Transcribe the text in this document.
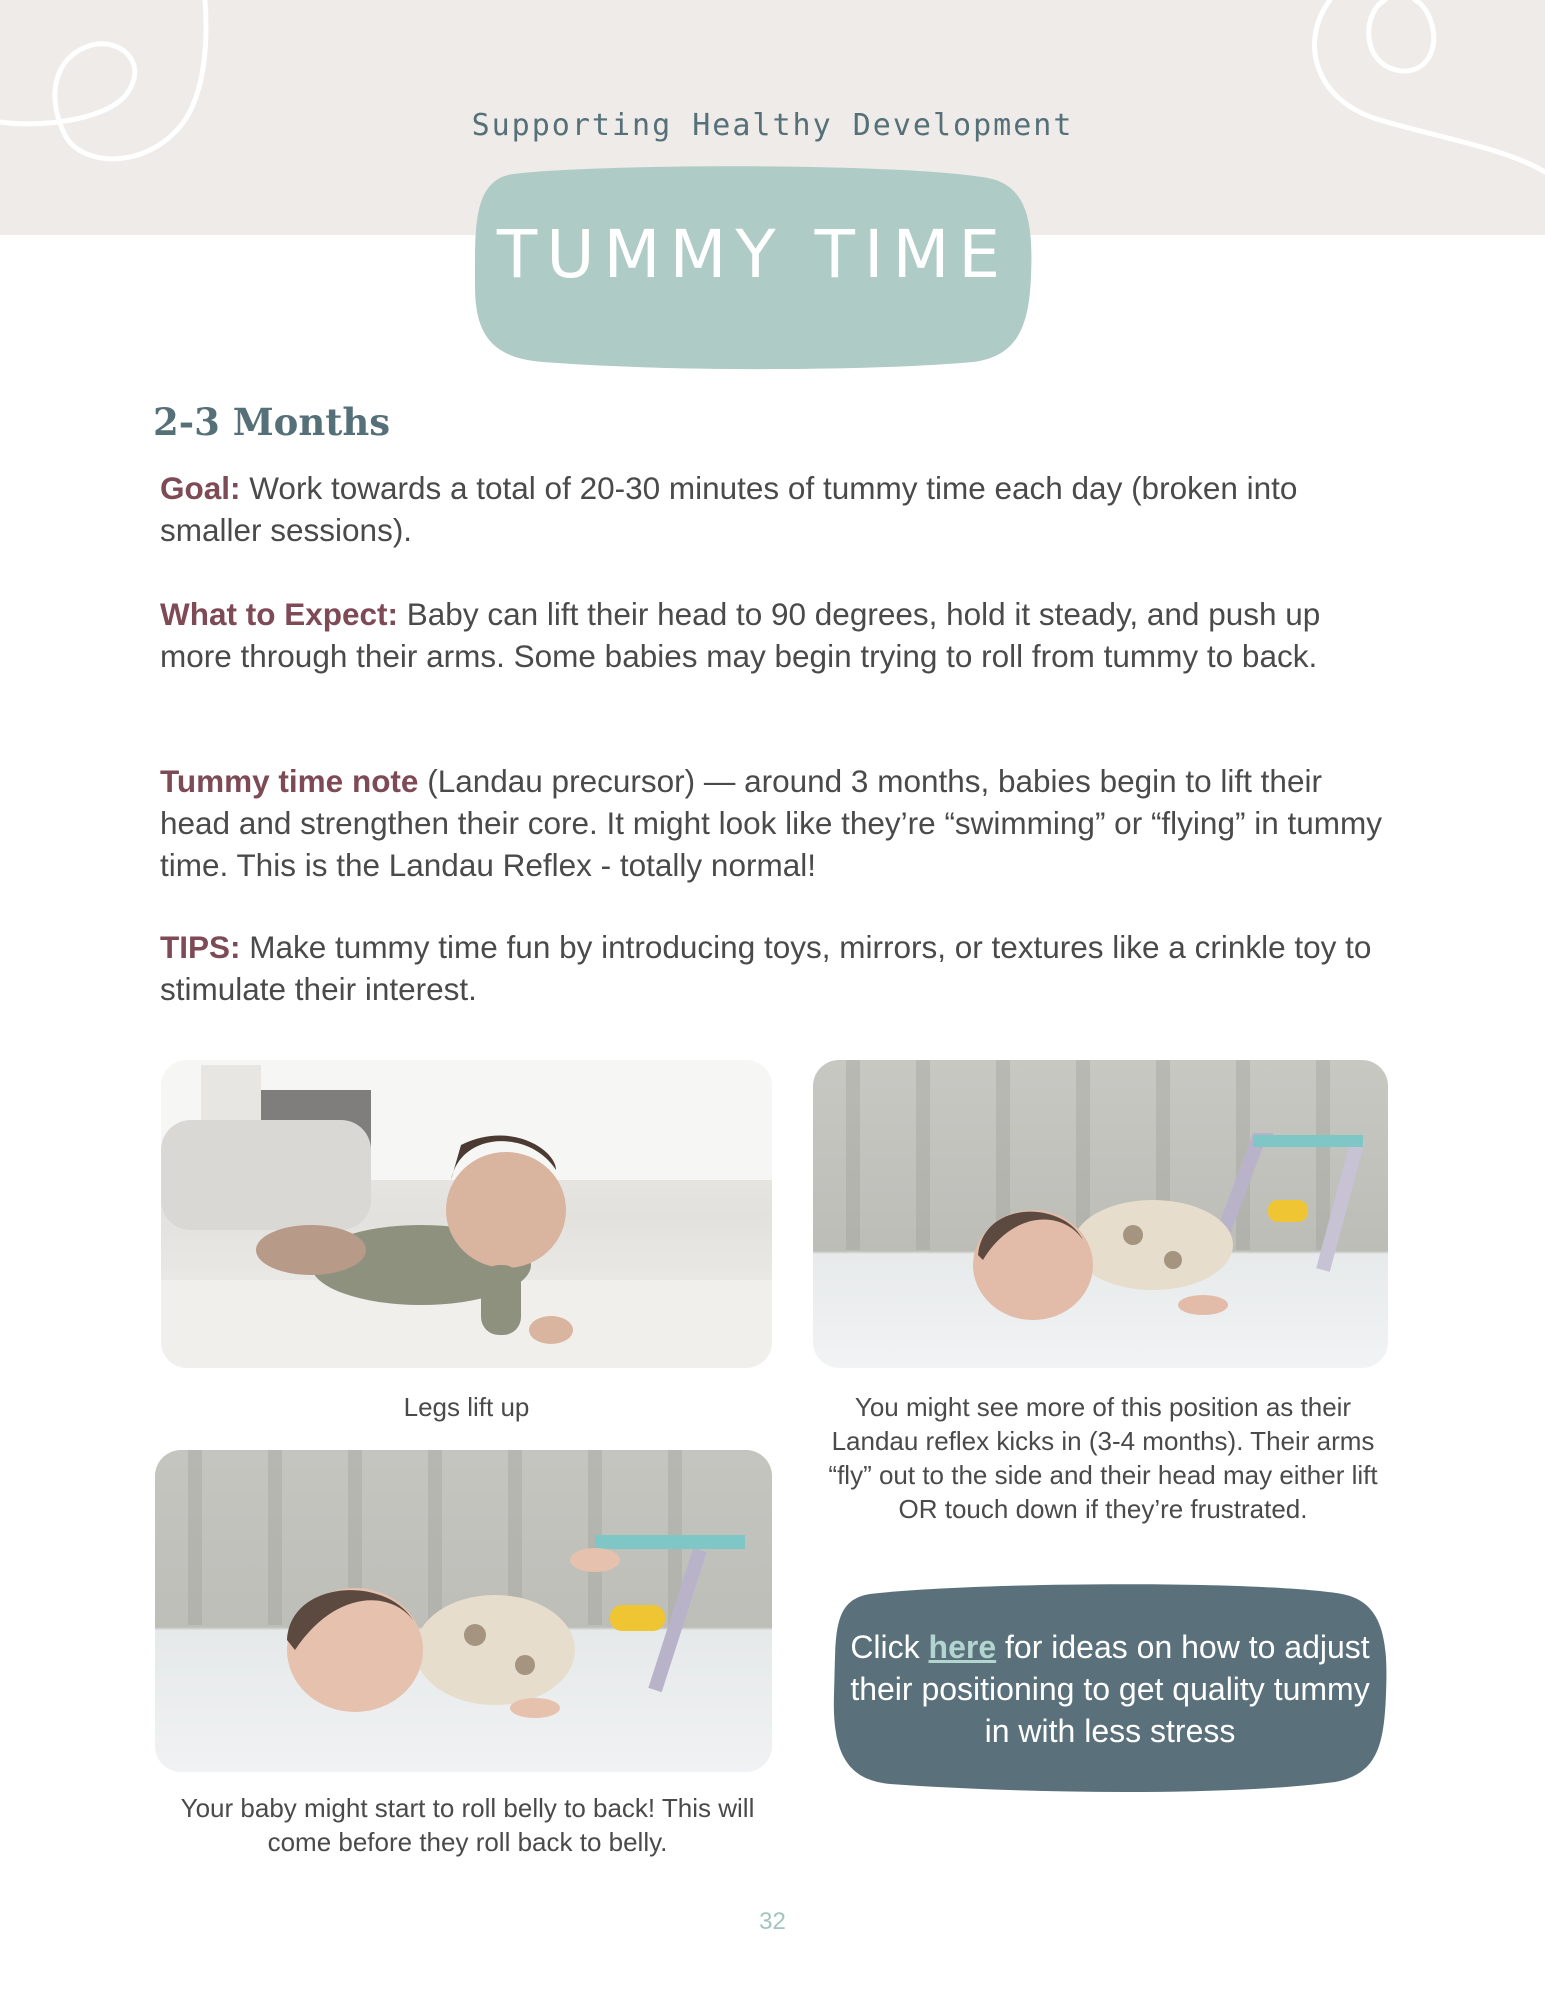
Supporting Healthy Development
TUMMY TIME
2-3 Months
Goal: Work towards a total of 20-30 minutes of tummy time each day (broken into smaller sessions).
What to Expect: Baby can lift their head to 90 degrees, hold it steady, and push up more through their arms. Some babies may begin trying to roll from tummy to back.
Tummy time note (Landau precursor) — around 3 months, babies begin to lift their head and strengthen their core. It might look like they’re “swimming” or “flying” in tummy time. This is the Landau Reflex - totally normal!
TIPS: Make tummy time fun by introducing toys, mirrors, or textures like a crinkle toy to stimulate their interest.
Legs lift up	You might see more of this position as their Landau reflex kicks in (3-4 months). Their arms “fly” out to the side and their head may either lift OR touch down if they’re frustrated.
Your baby might start to roll belly to back! This will come before they roll back to belly.
Click here for ideas on how to adjust their positioning to get quality tummy in with less stress
32
